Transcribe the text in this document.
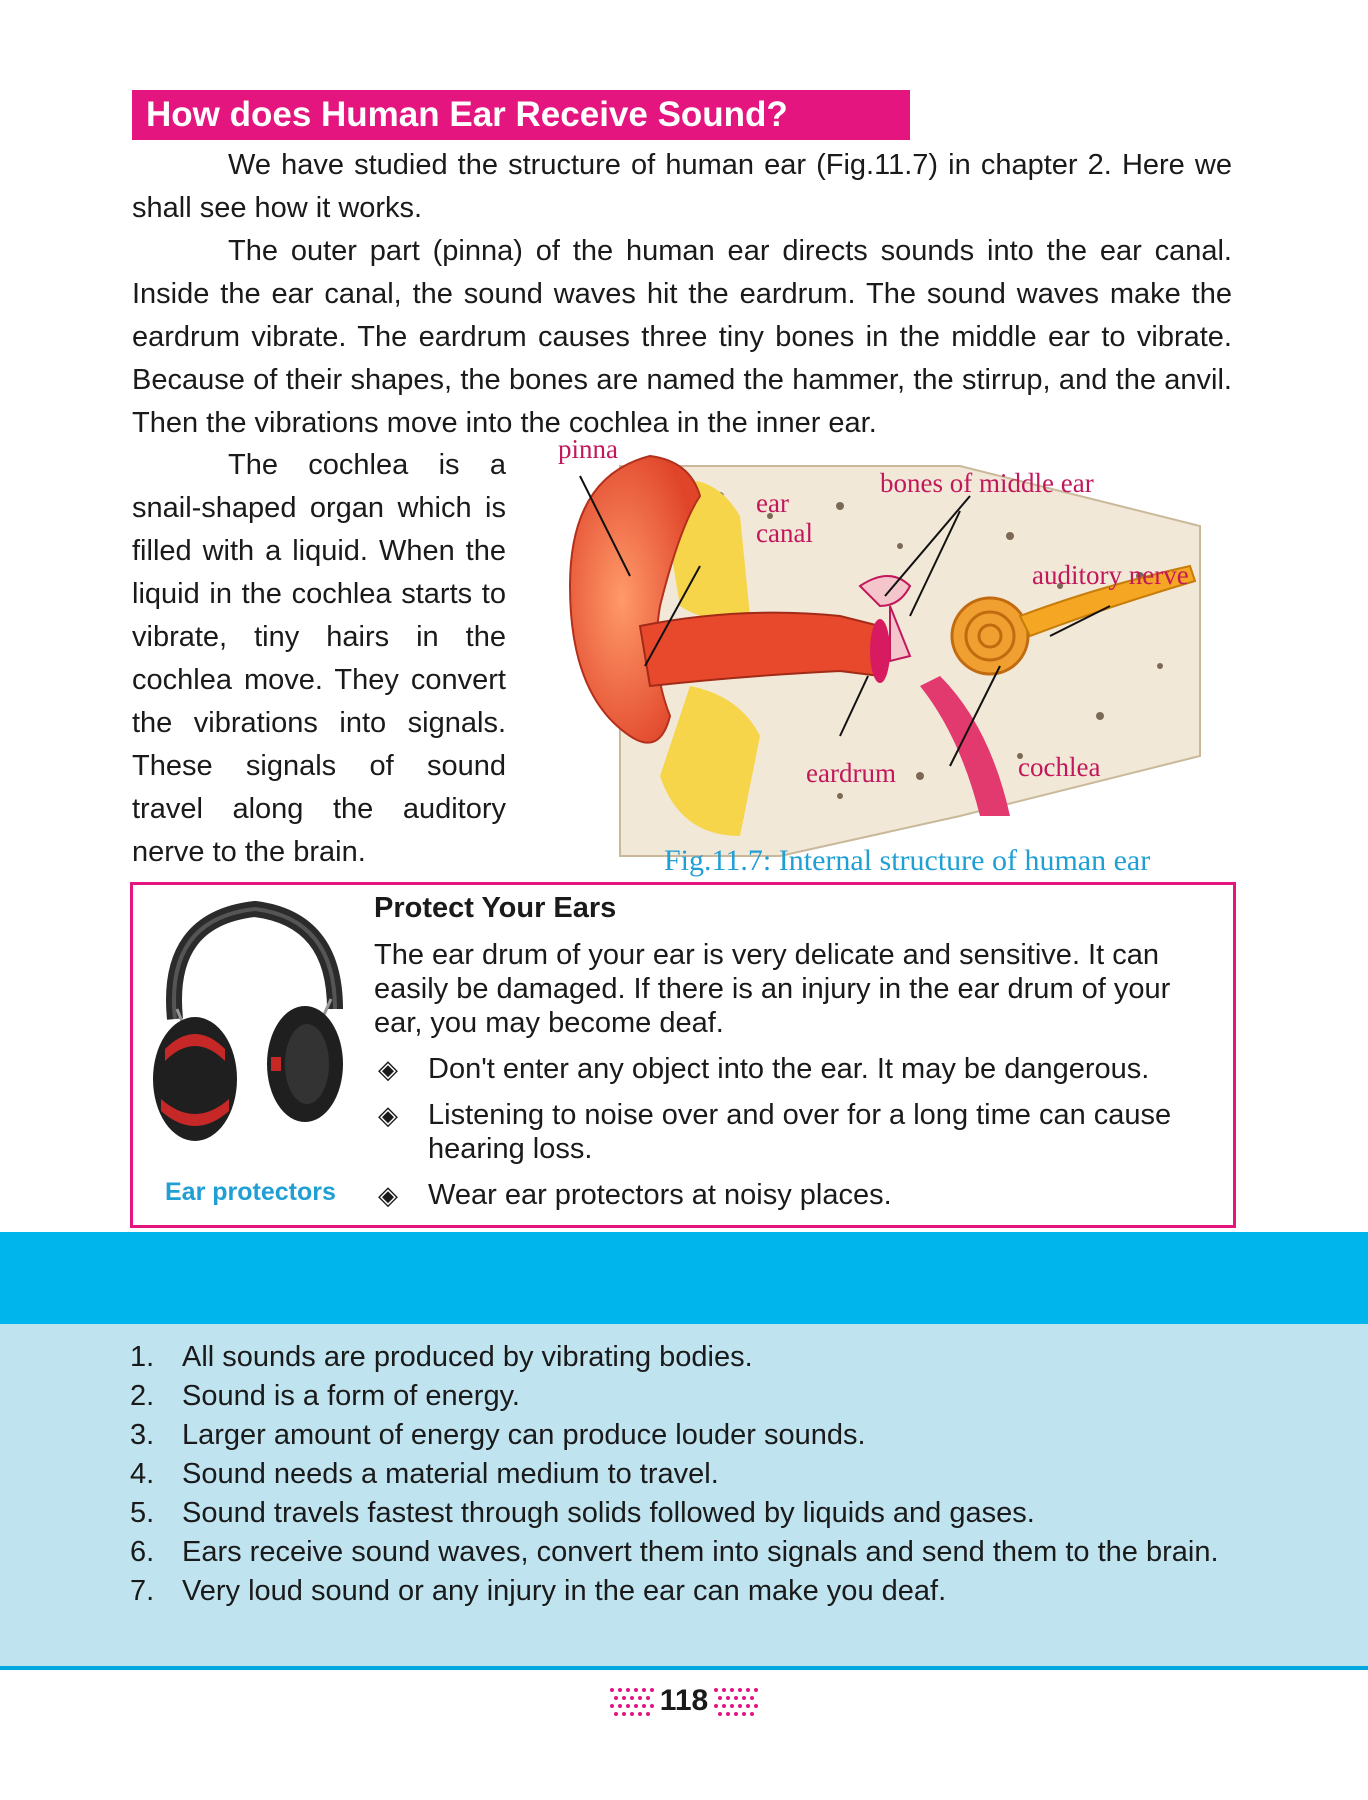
How does Human Ear Receive Sound?

We have studied the structure of human ear (Fig.11.7) in chapter 2. Here we shall see how it works.

The outer part (pinna) of the human ear directs sounds into the ear canal. Inside the ear canal, the sound waves hit the eardrum. The sound waves make the eardrum vibrate. The eardrum causes three tiny bones in the middle ear to vibrate. Because of their shapes, the bones are named the hammer, the stirrup, and the anvil. Then the vibrations move into the cochlea in the inner ear.

The cochlea is a snail-shaped organ which is filled with a liquid. When the liquid in the cochlea starts to vibrate, tiny hairs in the cochlea move. They convert the vibrations into signals. These signals of sound travel along the auditory nerve to the brain.

pinna
ear
canal
bones of middle ear
auditory nerve
eardrum	cochlea
Fig.11.7: Internal structure of human ear
Protect Your Ears
The ear drum of your ear is very delicate and sensitive. It can easily be damaged. If there is an injury in the ear drum of your ear, you may become deaf.
◈ Don't enter any object into the ear. It may be dangerous.
◈ Listening to noise over and over for a long time can cause hearing loss.
◈ Wear ear protectors at noisy places.
Ear protectors
1. All sounds are produced by vibrating bodies.
2. Sound is a form of energy.
3. Larger amount of energy can produce louder sounds.
4. Sound needs a material medium to travel.
5. Sound travels fastest through solids followed by liquids and gases.
6. Ears receive sound waves, convert them into signals and send them to the brain.
7. Very loud sound or any injury in the ear can make you deaf.
118
